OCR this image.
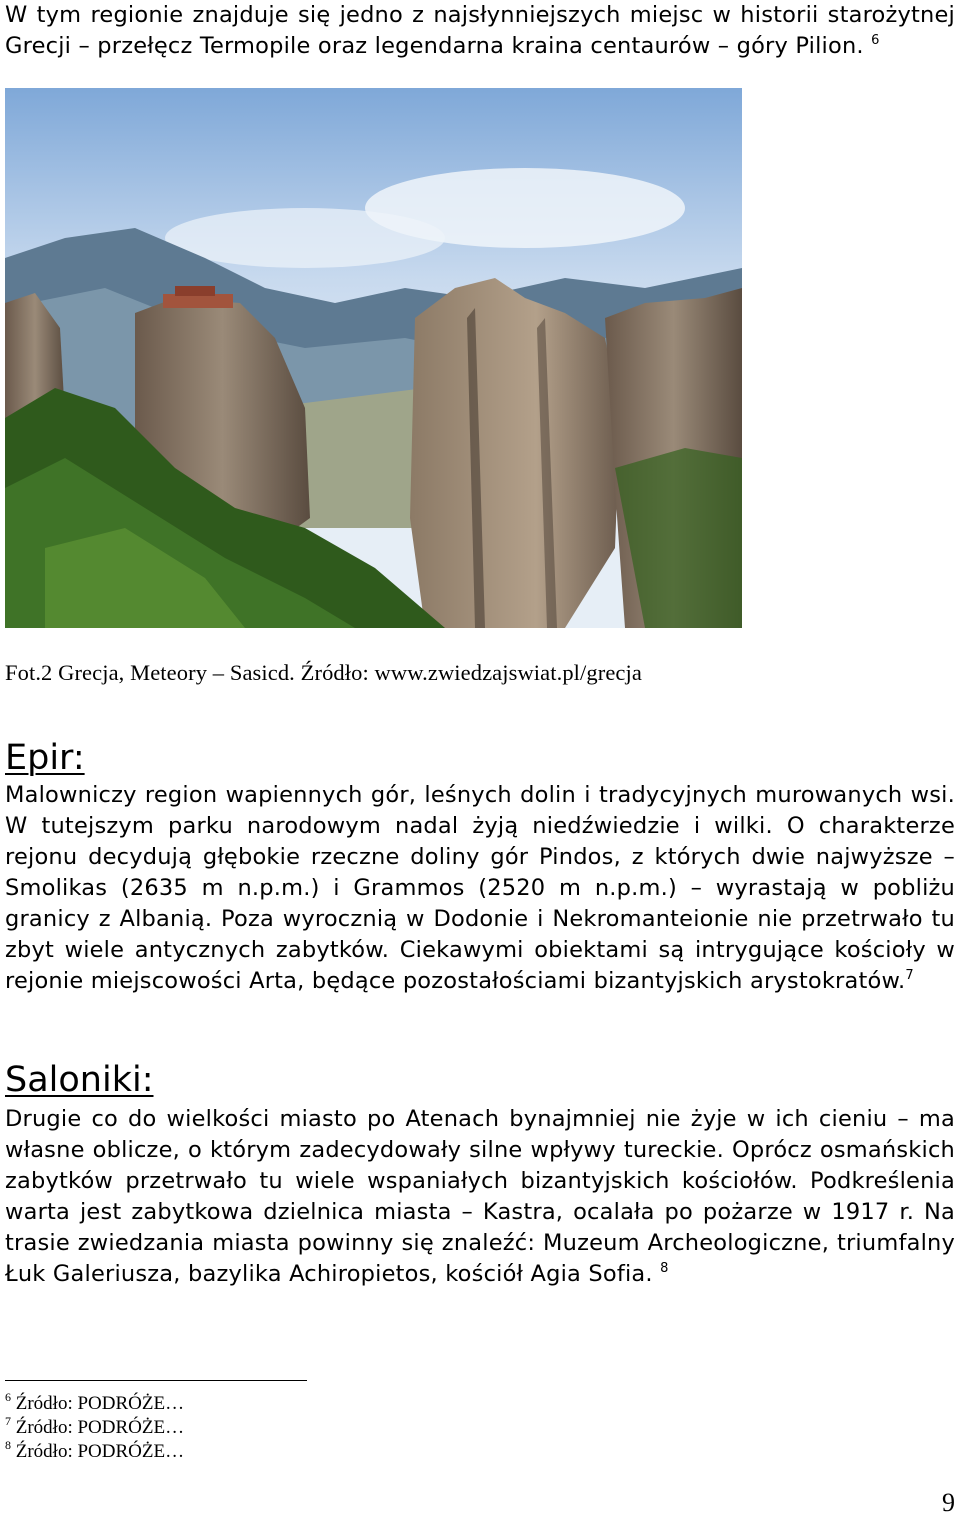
W tym regionie znajduje się jedno z najsłynniejszych miejsc w historii starożytnej Grecji – przełęcz Termopile oraz legendarna kraina centaurów – góry Pilion. $^6$

Fot.2 Grecja, Meteory – Sasicd. Źródło: www.zwiedzajswiat.pl/grecja
Epir:

Malowniczy region wapiennych gór, leśnych dolin i tradycyjnych murowanych wsi. W tutejszym parku narodowym nadal żyją niedźwiedzie i wilki. O charakterze rejonu decydują głębokie rzeczne doliny gór Pindos, z których dwie najwyższe – Smolikas (2635 m n.p.m.) i Grammos (2520 m n.p.m.) – wyrastają w pobliżu granicy z Albanią. Poza wyrocznią w Dodonie i Nekromanteionie nie przetrwało tu zbyt wiele antycznych zabytków. Ciekawymi obiektami są intrygujące kościoły w rejonie miejscowości Arta, będące pozostałościami bizantyjskich arystokratów.$^7$

Saloniki:

Drugie co do wielkości miasto po Atenach bynajmniej nie żyje w ich cieniu – ma własne oblicze, o którym zadecydowały silne wpływy tureckie. Oprócz osmańskich zabytków przetrwało tu wiele wspaniałych bizantyjskich kościołów. Podkreślenia warta jest zabytkowa dzielnica miasta – Kastra, ocalała po pożarze w 1917 r. Na trasie zwiedzania miasta powinny się znaleźć: Muzeum Archeologiczne, triumfalny Łuk Galeriusza, bazylika Achiropietos, kościół Agia Sofia. $^8$

$^6$ Źródło: PODRÓŻE…
$^7$ Źródło: PODRÓŻE…
$^8$ Źródło: PODRÓŻE…
9
